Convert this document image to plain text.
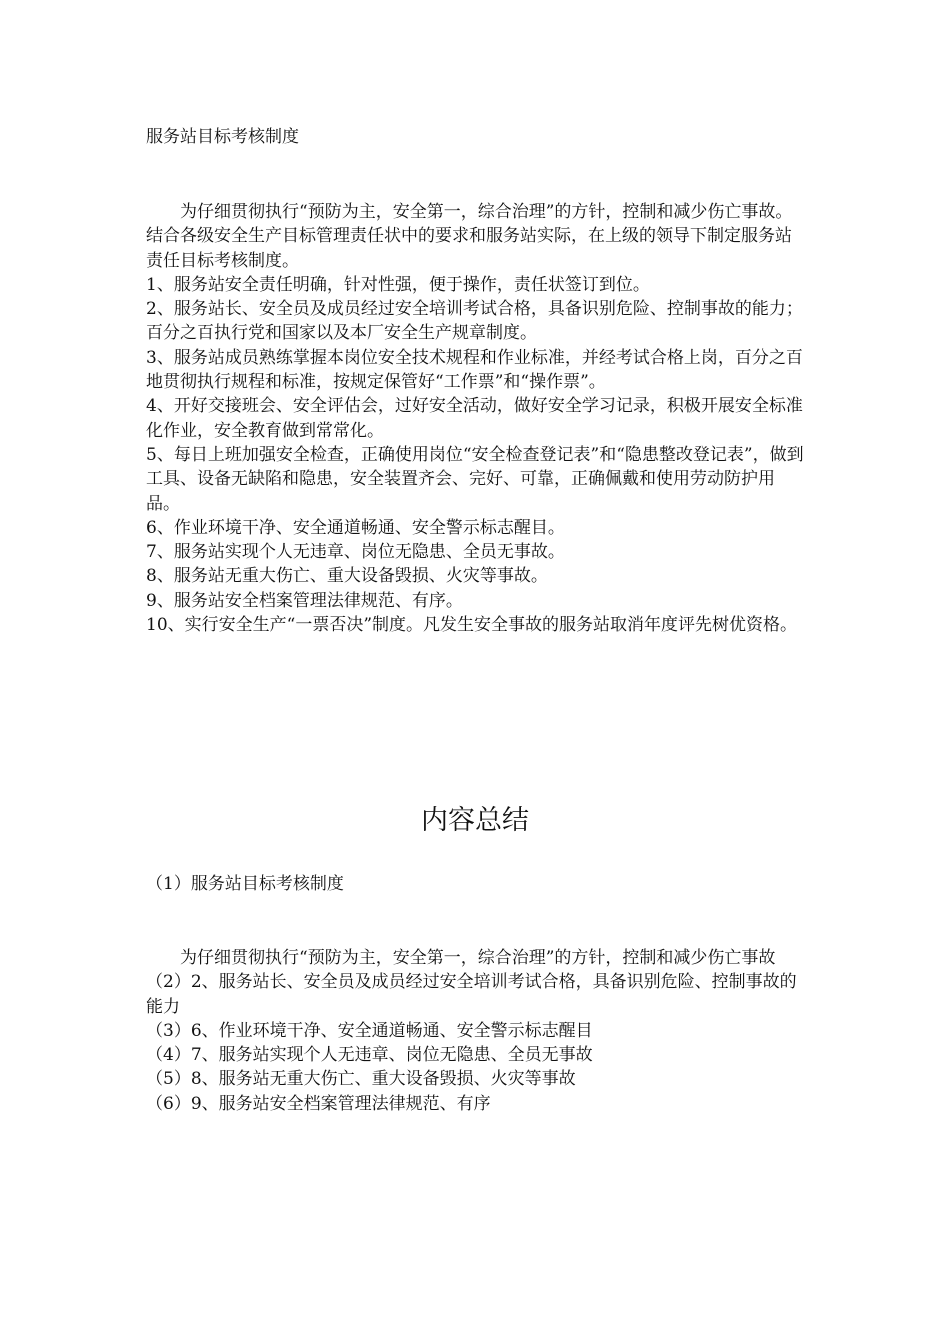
服务站目标考核制度

为仔细贯彻执行“预防为主，安全第一，综合治理”的方针，控制和减少伤亡事故。结合各级安全生产目标管理责任状中的要求和服务站实际，在上级的领导下制定服务站责任目标考核制度。

1、服务站安全责任明确，针对性强，便于操作，责任状签订到位。

2、服务站长、安全员及成员经过安全培训考试合格，具备识别危险、控制事故的能力；百分之百执行党和国家以及本厂安全生产规章制度。

3、服务站成员熟练掌握本岗位安全技术规程和作业标准，并经考试合格上岗，百分之百地贯彻执行规程和标准，按规定保管好“工作票”和“操作票”。

4、开好交接班会、安全评估会，过好安全活动，做好安全学习记录，积极开展安全标准化作业，安全教育做到常常化。

5、每日上班加强安全检查，正确使用岗位“安全检查登记表”和“隐患整改登记表”，做到工具、设备无缺陷和隐患，安全装置齐会、完好、可靠，正确佩戴和使用劳动防护用品。

6、作业环境干净、安全通道畅通、安全警示标志醒目。

7、服务站实现个人无违章、岗位无隐患、全员无事故。

8、服务站无重大伤亡、重大设备毁损、火灾等事故。

9、服务站安全档案管理法律规范、有序。

10、实行安全生产“一票否决”制度。凡发生安全事故的服务站取消年度评先树优资格。

内容总结
（1）服务站目标考核制度

为仔细贯彻执行“预防为主，安全第一，综合治理”的方针，控制和减少伤亡事故

（2）2、服务站长、安全员及成员经过安全培训考试合格，具备识别危险、控制事故的能力

（3）6、作业环境干净、安全通道畅通、安全警示标志醒目

（4）7、服务站实现个人无违章、岗位无隐患、全员无事故

（5）8、服务站无重大伤亡、重大设备毁损、火灾等事故

（6）9、服务站安全档案管理法律规范、有序
